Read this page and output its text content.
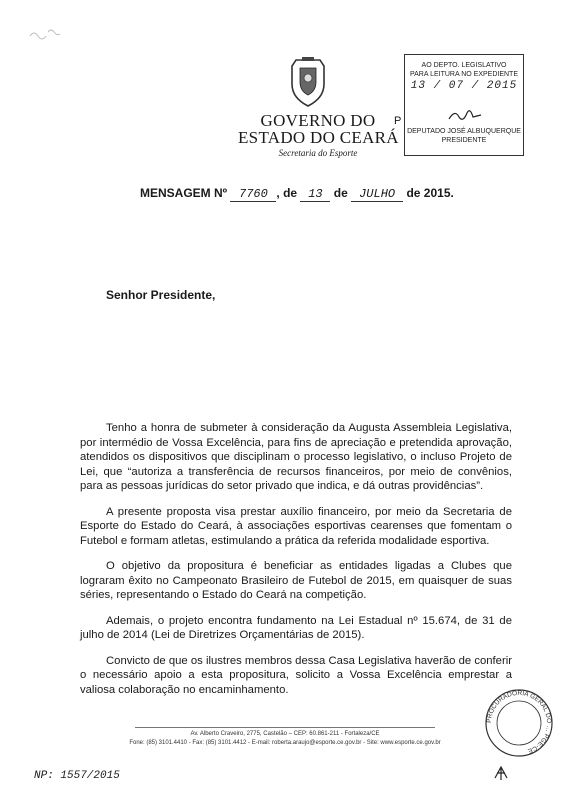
GOVERNO DO
ESTADO DO CEARÁ
Secretaria do Esporte
P
AO DEPTO. LEGISLATIVO
PARA LEITURA NO EXPEDIENTE
13 / 07 / 2015
DEPUTADO JOSÉ ALBUQUERQUE
PRESIDENTE
MENSAGEM Nº 7760 , de 13 de JULHO de 2015.
Senhor Presidente,

Tenho a honra de submeter à consideração da Augusta Assembleia Legislativa, por intermédio de Vossa Excelência, para fins de apreciação e pretendida aprovação, atendidos os dispositivos que disciplinam o processo legislativo, o incluso Projeto de Lei, que “autoriza a transferência de recursos financeiros, por meio de convênios, para as pessoas jurídicas do setor privado que indica, e dá outras providências”.

A presente proposta visa prestar auxílio financeiro, por meio da Secretaria de Esporte do Estado do Ceará, à associações esportivas cearenses que fomentam o Futebol e formam atletas, estimulando a prática da referida modalidade esportiva.

O objetivo da propositura é beneficiar as entidades ligadas a Clubes que lograram êxito no Campeonato Brasileiro de Futebol de 2015, em quaisquer de suas séries, representando o Estado do Ceará na competição.

Ademais, o projeto encontra fundamento na Lei Estadual nº 15.674, de 31 de julho de 2014 (Lei de Diretrizes Orçamentárias de 2015).

Convicto de que os ilustres membros dessa Casa Legislativa haverão de conferir o necessário apoio a esta propositura, solicito a Vossa Excelência emprestar a valiosa colaboração no encaminhamento.

Av. Alberto Craveiro, 2775, Castelão – CEP: 60.861-211 - Fortaleza/CE
Fone: (85) 3101.4410 - Fax: (85) 3101.4412 - E-mail: roberta.araujo@esporte.ce.gov.br - Site: www.esporte.ce.gov.br
PROCURADORIA GERAL DO … PGE-CE
NP: 1557/2015
